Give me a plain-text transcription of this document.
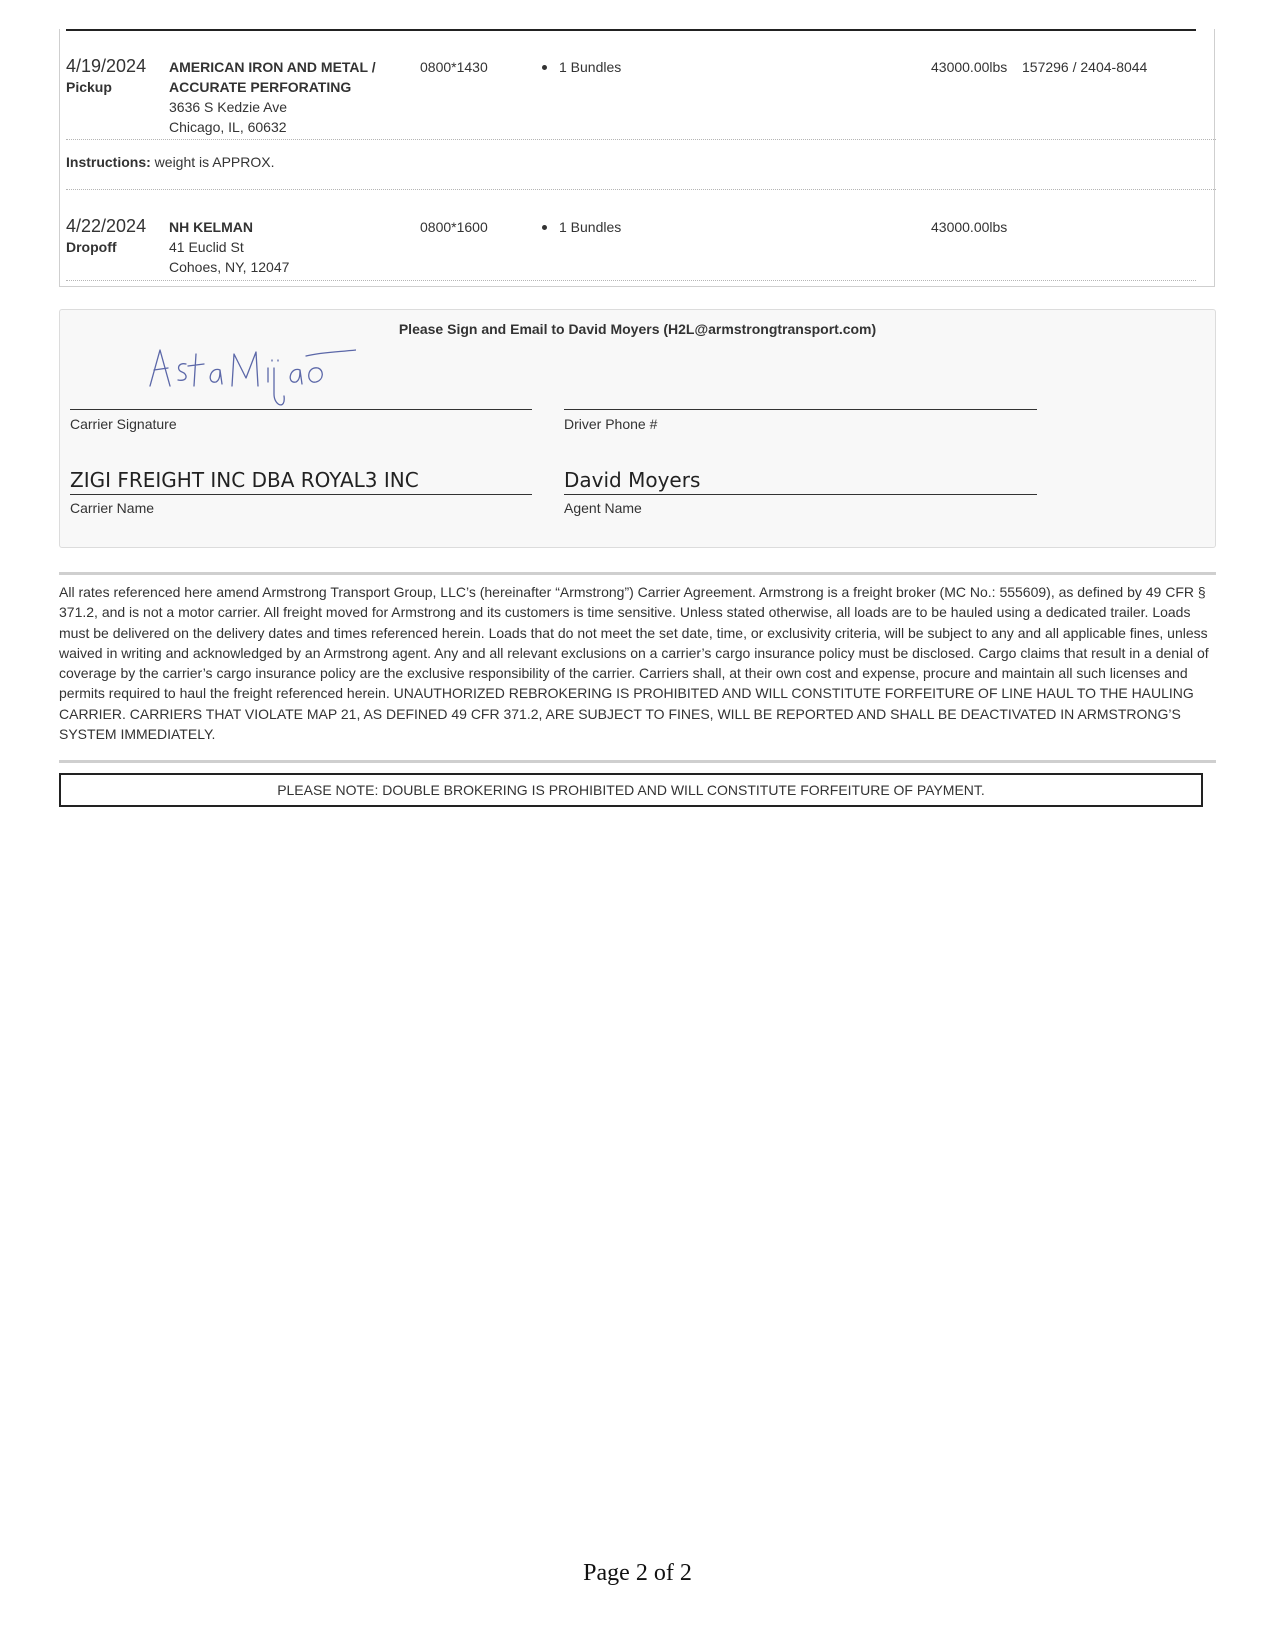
4/19/2024
Pickup
AMERICAN IRON AND METAL /
ACCURATE PERFORATING
3636 S Kedzie Ave
Chicago, IL, 60632
0800*1430	1 Bundles	43000.00lbs 157296 / 2404-8044
Instructions: weight is APPROX.
4/22/2024
Dropoff
NH KELMAN
41 Euclid St
Cohoes, NY, 12047
0800*1600	1 Bundles	43000.00lbs
Please Sign and Email to David Moyers (H2L@armstrongtransport.com)
Carrier Signature	Driver Phone #
ZIGI FREIGHT INC DBA ROYAL3 INC
Carrier Name
David Moyers
Agent Name

All rates referenced here amend Armstrong Transport Group, LLC’s (hereinafter “Armstrong”) Carrier Agreement. Armstrong is a freight broker (MC No.: 555609), as defined by 49 CFR § 371.2, and is not a motor carrier. All freight moved for Armstrong and its customers is time sensitive. Unless stated otherwise, all loads are to be hauled using a dedicated trailer. Loads must be delivered on the delivery dates and times referenced herein. Loads that do not meet the set date, time, or exclusivity criteria, will be subject to any and all applicable fines, unless waived in writing and acknowledged by an Armstrong agent. Any and all relevant exclusions on a carrier’s cargo insurance policy must be disclosed. Cargo claims that result in a denial of coverage by the carrier’s cargo insurance policy are the exclusive responsibility of the carrier. Carriers shall, at their own cost and expense, procure and maintain all such licenses and permits required to haul the freight referenced herein. UNAUTHORIZED REBROKERING IS PROHIBITED AND WILL CONSTITUTE FORFEITURE OF LINE HAUL TO THE HAULING CARRIER. CARRIERS THAT VIOLATE MAP 21, AS DEFINED 49 CFR 371.2, ARE SUBJECT TO FINES, WILL BE REPORTED AND SHALL BE DEACTIVATED IN ARMSTRONG’S SYSTEM IMMEDIATELY.

PLEASE NOTE: DOUBLE BROKERING IS PROHIBITED AND WILL CONSTITUTE FORFEITURE OF PAYMENT.
Page 2 of 2
